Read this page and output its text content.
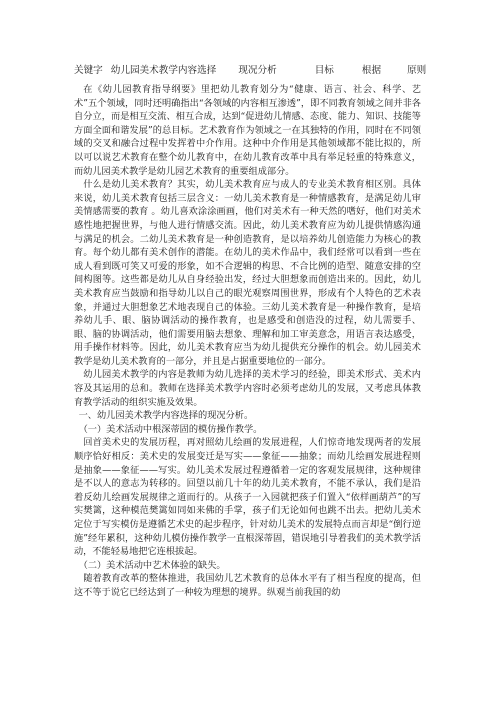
关键字 幼儿园美术教学内容选择 现况分析	目标	根据	原则

在《幼儿园教育指导纲要》里把幼儿教育划分为“健康、语言、社会、科学、艺术”五个领域，同时还明确指出“各领域的内容相互渗透”，即不同教育领域之间并非各自分立，而是相互交流、相互合成，达到“促进幼儿情感、态度、能力、知识、技能等方面全面和谐发展”的总目标。艺术教育作为领域之一在其独特的作用，同时在不同领域的交叉和融合过程中发挥着中介作用。这种中介作用是其他领域都不能比拟的，所以可以说艺术教育在整个幼儿教育中，在幼儿教育改革中具有举足轻重的特殊意义，而幼儿园美术教学是幼儿园艺术教育的重要组成部分。

什么是幼儿美术教育？其实，幼儿美术教育应与成人的专业美术教育相区别。具体来说，幼儿美术教育包括三层含义：一幼儿美术教育是一种情感教育，是满足幼儿审美情感需要的教育 。幼儿喜欢涂涂画画，他们对美术有一种天然的嗜好，他们对美术感性地把握世界，与他人进行情感交流。因此，幼儿美术教育应为幼儿提供情感沟通与满足的机会。二幼儿美术教育是一种创造教育，是以培养幼儿创造能力为核心的教育。每个幼儿都有美术创作的潜能。在幼儿的美术作品中，我们经常可以看到一些在成人看到既可笑又可爱的形象，如不合逻辑的构思、不合比例的造型、随意安排的空间构图等。这些都是幼儿从自身经验出发，经过大胆想象而创造出来的。因此，幼儿美术教育应当鼓励和指导幼儿以自己的眼光观察周围世界，形成有个人特色的艺术表象，并通过大胆想象艺术地表现自己的体验。三幼儿美术教育是一种操作教育，是培养幼儿手、眼、脑协调活动的操作教育，也是感受和创造没的过程，幼儿需要手、眼、脑的协调活动，他们需要用脑去想象、理解和加工审美意念，用语言表达感受，用手操作材料等。因此，幼儿美术教育应当为幼儿提供充分操作的机会。幼儿园美术教学是幼儿美术教育的一部分，并且是占据重要地位的一部分。

幼儿园美术教学的内容是教师为幼儿选择的美术学习的经验，即美术形式、美术内容及其运用的总和。教师在选择美术教学内容时必须考虑幼儿的发展，又考虑具体教育教学活动的组织实施及效果。

一、幼儿园美术教学内容选择的现况分析。

（一）美术活动中根深蒂固的模仿操作教学。

回首美术史的发展历程，再对照幼儿绘画的发展进程，人们惊奇地发现两者的发展顺序恰好相反：美术史的发展变迁是写实——象征——抽象；而幼儿绘画发展进程则是抽象——象征——写实。幼儿美术发展过程遵循着一定的客观发展规律，这种规律是不以人的意志为转移的。回望以前几十年的幼儿美术教育，不能不承认，我们是沿着反幼儿绘画发展规律之道而行的。从孩子一入园就把孩子们置入“依样画葫芦”的写实樊篱，这种模范樊篱如同如来佛的手掌，孩子们无论如何也跳不出去。把幼儿美术定位于写实模仿是遵循艺术史的起步程序，针对幼儿美术的发展特点而言却是“倒行逆施”经年累积，这种幼儿模仿操作教学一直根深蒂固，错误地引导着我们的美术教学活动，不能轻易地把它连根拔起。

（二）美术活动中艺术体验的缺失。

随着教育改革的整体推进，我国幼儿艺术教育的总体水平有了相当程度的提高，但这不等于说它已经达到了一种较为理想的境界。纵观当前我国的幼
